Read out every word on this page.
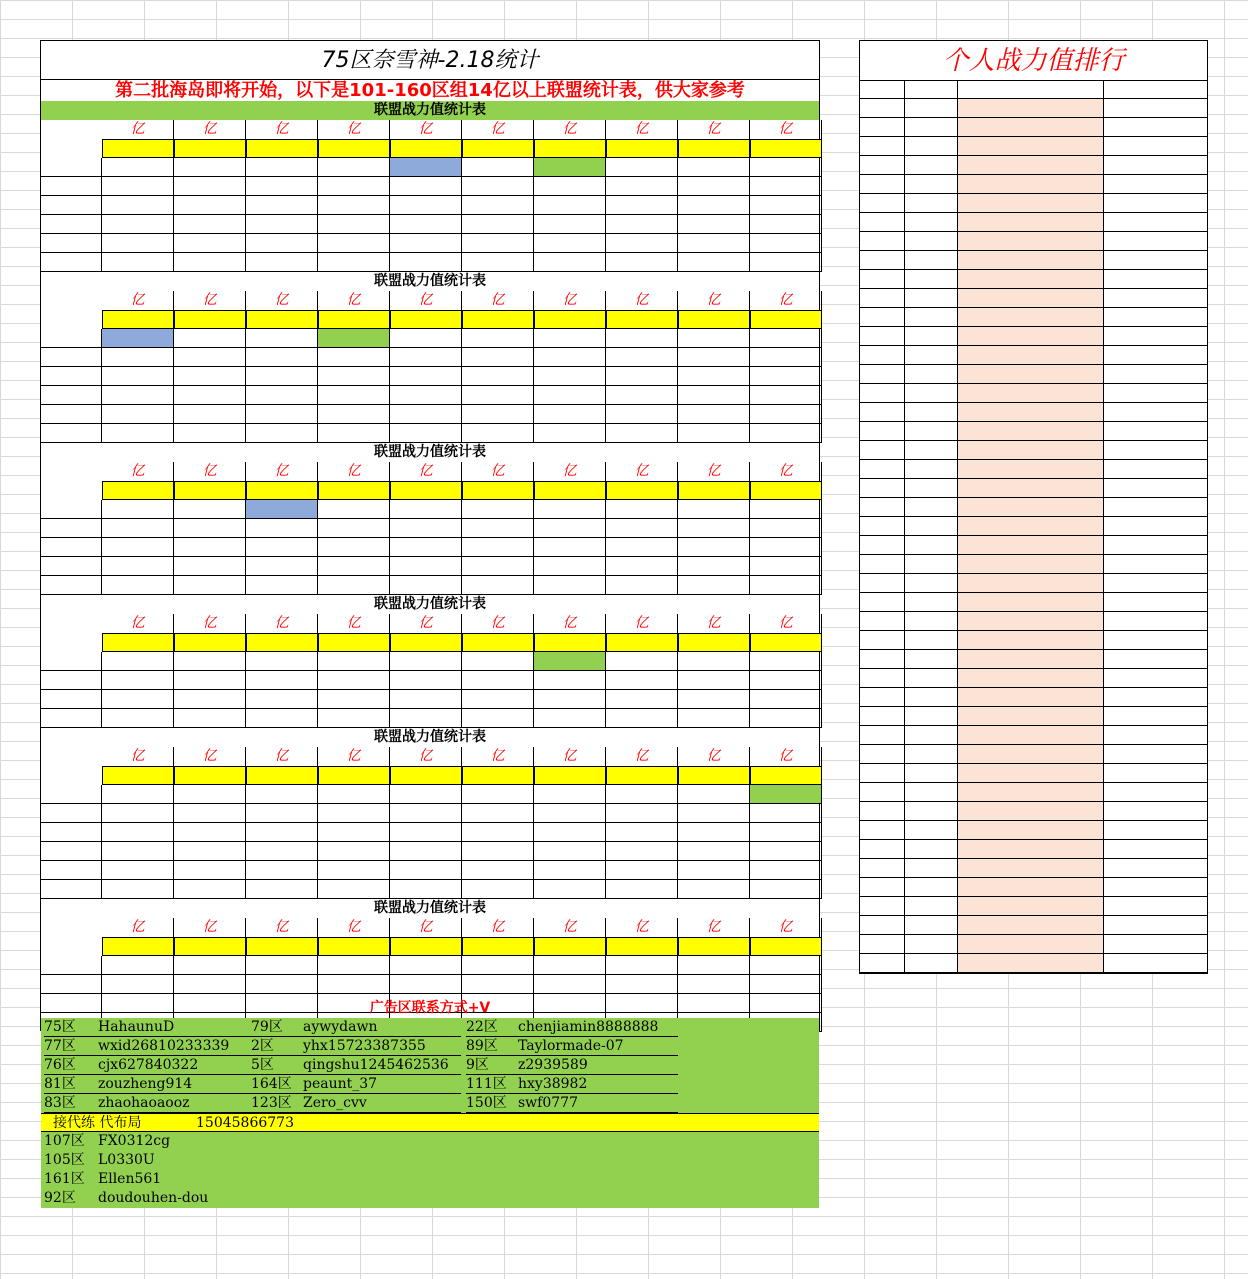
75区奈雪神-2.18统计
第二批海岛即将开始，以下是101-160区组14亿以上联盟统计表，供大家参考
联盟战力值统计表
亿	亿	亿	亿	亿	亿	亿	亿	亿	亿
联盟战力值统计表
亿	亿	亿	亿	亿	亿	亿	亿	亿	亿
联盟战力值统计表
亿	亿	亿	亿	亿	亿	亿	亿	亿	亿
联盟战力值统计表
亿	亿	亿	亿	亿	亿	亿	亿	亿	亿
联盟战力值统计表
亿	亿	亿	亿	亿	亿	亿	亿	亿	亿
联盟战力值统计表
亿	亿	亿	亿	亿	亿	亿	亿	亿	亿
广告区联系方式+V
75区 HahaunuD	79区 aywydawn	22区 chenjiamin8888888
77区 wxid26810233339	2区 yhx15723387355	89区 Taylormade-07
76区 cjx627840322	5区 qingshu1245462536	9区 z2939589
81区 zouzheng914	164区 peaunt_37	111区 hxy38982
83区 zhaohaoaooz	123区 Zero_cvv	150区 swf0777
接代练 代布局	15045866773
107区 FX0312cg
105区 L0330U
161区 Ellen561
92区 doudouhen-dou
个人战力值排行
